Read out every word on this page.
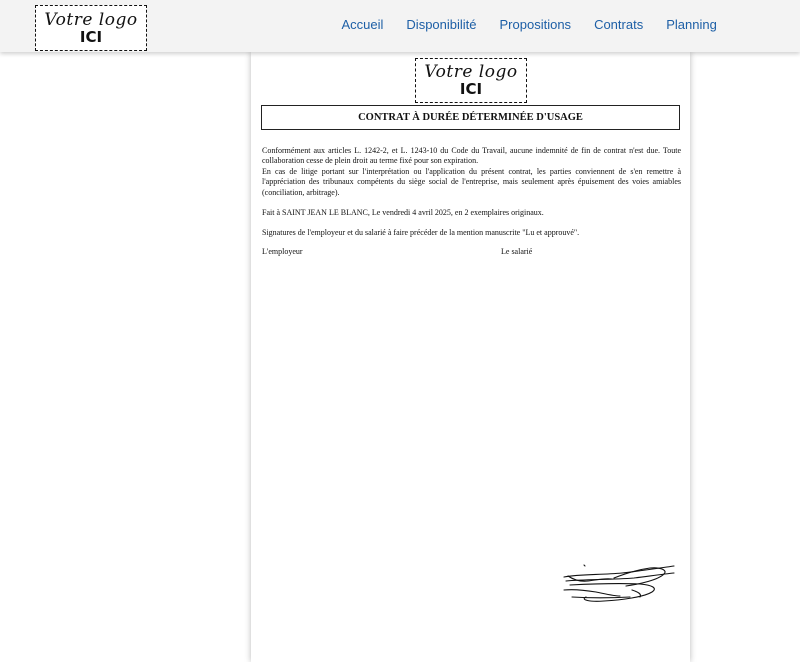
Votre logo
ICI
Accueil	Disponibilité	Propositions	Contrats	Planning
Votre logo
ICI
CONTRAT À DURÉE DÉTERMINÉE D'USAGE

Conformément aux articles L. 1242-2, et L. 1243-10 du Code du Travail, aucune indemnité de fin de contrat n'est due. Toute collaboration cesse de plein droit au terme fixé pour son expiration.

En cas de litige portant sur l'interprétation ou l'application du présent contrat, les parties conviennent de s'en remettre à l'appréciation des tribunaux compétents du siège social de l'entreprise, mais seulement après épuisement des voies amiables (conciliation, arbitrage).

Fait à SAINT JEAN LE BLANC, Le vendredi 4 avril 2025, en 2 exemplaires originaux.

Signatures de l'employeur et du salarié à faire précéder de la mention manuscrite "Lu et approuvé".

L'employeur	Le salarié
